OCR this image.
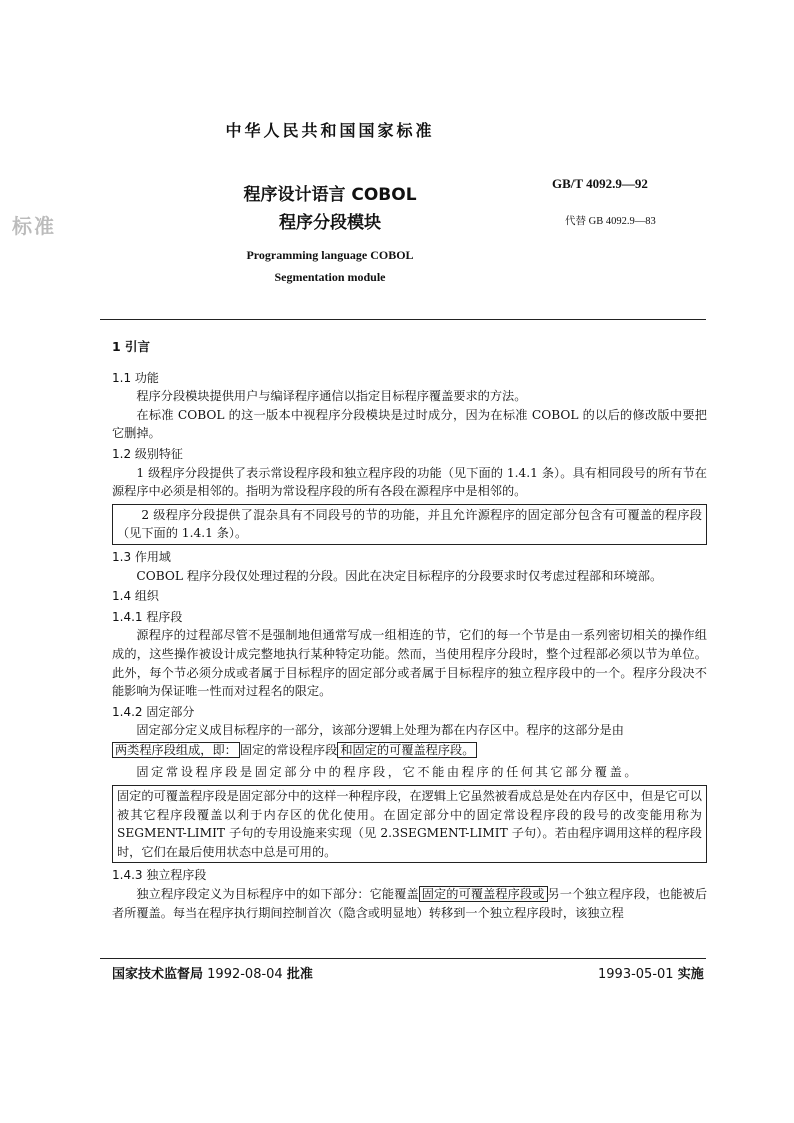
标准
中华人民共和国国家标准
程序设计语言 COBOL
程序分段模块
Programming language COBOL
Segmentation module
GB/T 4092.9—92
代替 GB 4092.9—83
1 引言
1.1 功能

程序分段模块提供用户与编译程序通信以指定目标程序覆盖要求的方法。

在标准 COBOL 的这一版本中视程序分段模块是过时成分，因为在标准 COBOL 的以后的修改版中要把它删掉。

1.2 级别特征

1 级程序分段提供了表示常设程序段和独立程序段的功能（见下面的 1.4.1 条）。具有相同段号的所有节在源程序中必须是相邻的。指明为常设程序段的所有各段在源程序中是相邻的。

2 级程序分段提供了混杂具有不同段号的节的功能，并且允许源程序的固定部分包含有可覆盖的程序段（见下面的 1.4.1 条）。

1.3 作用域

COBOL 程序分段仅处理过程的分段。因此在决定目标程序的分段要求时仅考虑过程部和环境部。

1.4 组织
1.4.1 程序段

源程序的过程部尽管不是强制地但通常写成一组相连的节，它们的每一个节是由一系列密切相关的操作组成的，这些操作被设计成完整地执行某种特定功能。然而，当使用程序分段时，整个过程部必须以节为单位。此外，每个节必须分成或者属于目标程序的固定部分或者属于目标程序的独立程序段中的一个。程序分段决不能影响为保证唯一性而对过程名的限定。

1.4.2 固定部分

固定部分定义成目标程序的一部分，该部分逻辑上处理为都在内存区中。程序的这部分是由

两类程序段组成，即： 固定的常设程序段 和固定的可覆盖程序段。

固定常设程序段是固定部分中的程序段，它不能由程序的任何其它部分覆盖。

固定的可覆盖程序段是固定部分中的这样一种程序段，在逻辑上它虽然被看成总是处在内存区中，但是它可以被其它程序段覆盖以利于内存区的优化使用。在固定部分中的固定常设程序段的段号的改变能用称为 SEGMENT-LIMIT 子句的专用设施来实现（见 2.3SEGMENT-LIMIT 子句）。若由程序调用这样的程序段时，它们在最后使用状态中总是可用的。

1.4.3 独立程序段

独立程序段定义为目标程序中的如下部分：它能覆盖 固定的可覆盖程序段或 另一个独立程序段，也能被后者所覆盖。每当在程序执行期间控制首次（隐含或明显地）转移到一个独立程序段时，该独立程

国家技术监督局 1992-08-04 批准	1993-05-01 实施
